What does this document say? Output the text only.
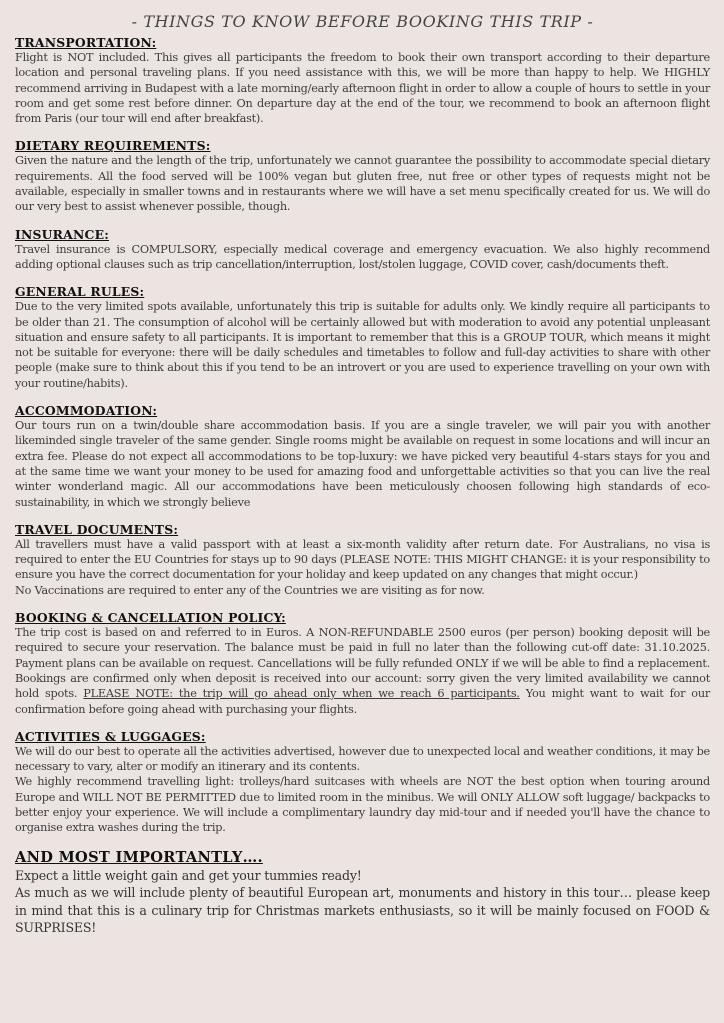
- THINGS TO KNOW BEFORE BOOKING THIS TRIP -

TRANSPORTATION:

Flight is NOT included. This gives all participants the freedom to book their own transport according to their departure location and personal traveling plans. If you need assistance with this, we will be more than happy to help. We HIGHLY recommend arriving in Budapest with a late morning/early afternoon flight in order to allow a couple of hours to settle in your room and get some rest before dinner. On departure day at the end of the tour, we recommend to book an afternoon flight from Paris (our tour will end after breakfast).

DIETARY REQUIREMENTS:

Given the nature and the length of the trip, unfortunately we cannot guarantee the possibility to accommodate special dietary requirements. All the food served will be 100% vegan but gluten free, nut free or other types of requests might not be available, especially in smaller towns and in restaurants where we will have a set menu specifically created for us. We will do our very best to assist whenever possible, though.

INSURANCE:

Travel insurance is COMPULSORY, especially medical coverage and emergency evacuation. We also highly recommend adding optional clauses such as trip cancellation/interruption, lost/stolen luggage, COVID cover, cash/documents theft.

GENERAL RULES:

Due to the very limited spots available, unfortunately this trip is suitable for adults only. We kindly require all participants to be older than 21. The consumption of alcohol will be certainly allowed but with moderation to avoid any potential unpleasant situation and ensure safety to all participants. It is important to remember that this is a GROUP TOUR, which means it might not be suitable for everyone: there will be daily schedules and timetables to follow and full-day activities to share with other people (make sure to think about this if you tend to be an introvert or you are used to experience travelling on your own with your routine/habits).

ACCOMMODATION:

Our tours run on a twin/double share accommodation basis. If you are a single traveler, we will pair you with another likeminded single traveler of the same gender. Single rooms might be available on request in some locations and will incur an extra fee. Please do not expect all accommodations to be top-luxury: we have picked very beautiful 4-stars stays for you and at the same time we want your money to be used for amazing food and unforgettable activities so that you can live the real winter wonderland magic. All our accommodations have been meticulously choosen following high standards of eco-sustainability, in which we strongly believe

TRAVEL DOCUMENTS:

All travellers must have a valid passport with at least a six-month validity after return date. For Australians, no visa is required to enter the EU Countries for stays up to 90 days (PLEASE NOTE: THIS MIGHT CHANGE: it is your responsibility to ensure you have the correct documentation for your holiday and keep updated on any changes that might occur.)

No Vaccinations are required to enter any of the Countries we are visiting as for now.

BOOKING & CANCELLATION POLICY:

The trip cost is based on and referred to in Euros. A NON-REFUNDABLE 2500 euros (per person) booking deposit will be required to secure your reservation. The balance must be paid in full no later than the following cut-off date: 31.10.2025. Payment plans can be available on request. Cancellations will be fully refunded ONLY if we will be able to find a replacement. Bookings are confirmed only when deposit is received into our account: sorry given the very limited availability we cannot hold spots. PLEASE NOTE: the trip will go ahead only when we reach 6 participants. You might want to wait for our confirmation before going ahead with purchasing your flights.

ACTIVITIES & LUGGAGES:

We will do our best to operate all the activities advertised, however due to unexpected local and weather conditions, it may be necessary to vary, alter or modify an itinerary and its contents.

We highly recommend travelling light: trolleys/hard suitcases with wheels are NOT the best option when touring around Europe and WILL NOT BE PERMITTED due to limited room in the minibus. We will ONLY ALLOW soft luggage/ backpacks to better enjoy your experience. We will include a complimentary laundry day mid-tour and if needed you'll have the chance to organise extra washes during the trip.

AND MOST IMPORTANTLY….

Expect a little weight gain and get your tummies ready!

As much as we will include plenty of beautiful European art, monuments and history in this tour… please keep in mind that this is a culinary trip for Christmas markets enthusiasts, so it will be mainly focused on FOOD & SURPRISES!
